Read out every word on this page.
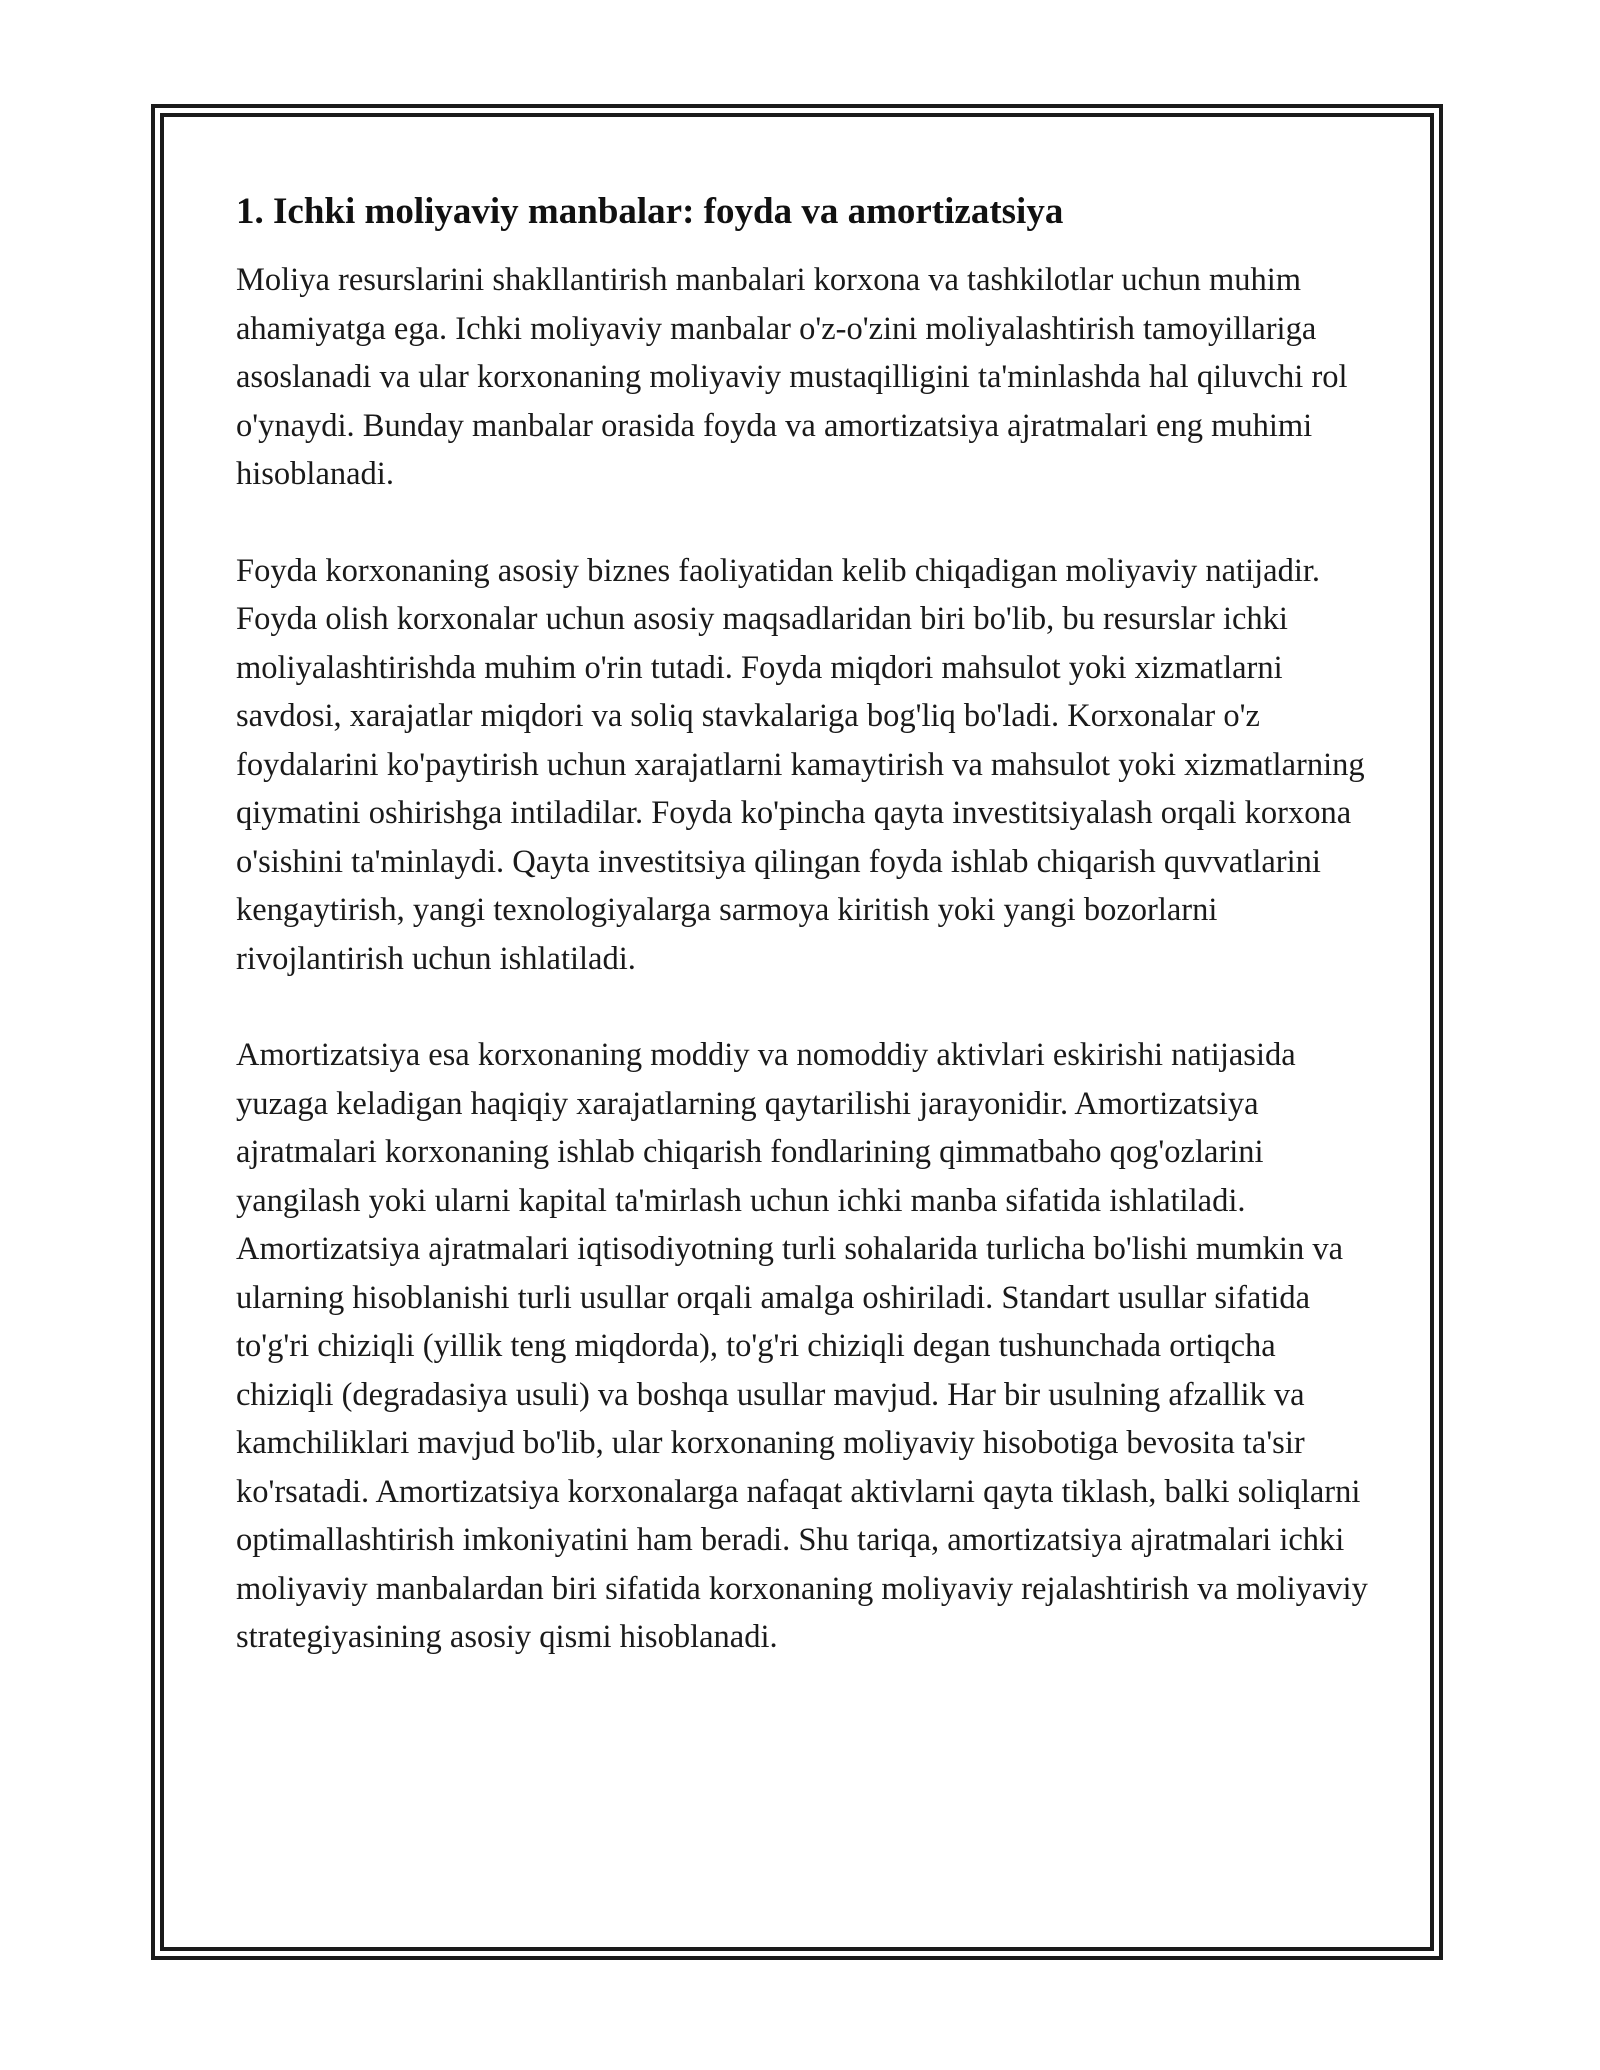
1. Ichki moliyaviy manbalar: foyda va amortizatsiya

Moliya resurslarini shakllantirish manbalari korxona va tashkilotlar uchun muhim ahamiyatga ega. Ichki moliyaviy manbalar o'z-o'zini moliyalashtirish tamoyillariga asoslanadi va ular korxonaning moliyaviy mustaqilligini ta'minlashda hal qiluvchi rol o'ynaydi. Bunday manbalar orasida foyda va amortizatsiya ajratmalari eng muhimi hisoblanadi.

Foyda korxonaning asosiy biznes faoliyatidan kelib chiqadigan moliyaviy natijadir. Foyda olish korxonalar uchun asosiy maqsadlaridan biri bo'lib, bu resurslar ichki moliyalashtirishda muhim o'rin tutadi. Foyda miqdori mahsulot yoki xizmatlarni savdosi, xarajatlar miqdori va soliq stavkalariga bog'liq bo'ladi. Korxonalar o'z foydalarini ko'paytirish uchun xarajatlarni kamaytirish va mahsulot yoki xizmatlarning qiymatini oshirishga intiladilar. Foyda ko'pincha qayta investitsiyalash orqali korxona o'sishini ta'minlaydi. Qayta investitsiya qilingan foyda ishlab chiqarish quvvatlarini kengaytirish, yangi texnologiyalarga sarmoya kiritish yoki yangi bozorlarni rivojlantirish uchun ishlatiladi.

Amortizatsiya esa korxonaning moddiy va nomoddiy aktivlari eskirishi natijasida yuzaga keladigan haqiqiy xarajatlarning qaytarilishi jarayonidir. Amortizatsiya ajratmalari korxonaning ishlab chiqarish fondlarining qimmatbaho qog'ozlarini yangilash yoki ularni kapital ta'mirlash uchun ichki manba sifatida ishlatiladi. Amortizatsiya ajratmalari iqtisodiyotning turli sohalarida turlicha bo'lishi mumkin va ularning hisoblanishi turli usullar orqali amalga oshiriladi. Standart usullar sifatida to'g'ri chiziqli (yillik teng miqdorda), to'g'ri chiziqli degan tushunchada ortiqcha chiziqli (degradasiya usuli) va boshqa usullar mavjud. Har bir usulning afzallik va kamchiliklari mavjud bo'lib, ular korxonaning moliyaviy hisobotiga bevosita ta'sir ko'rsatadi. Amortizatsiya korxonalarga nafaqat aktivlarni qayta tiklash, balki soliqlarni optimallashtirish imkoniyatini ham beradi. Shu tariqa, amortizatsiya ajratmalari ichki moliyaviy manbalardan biri sifatida korxonaning moliyaviy rejalashtirish va moliyaviy strategiyasining asosiy qismi hisoblanadi.
